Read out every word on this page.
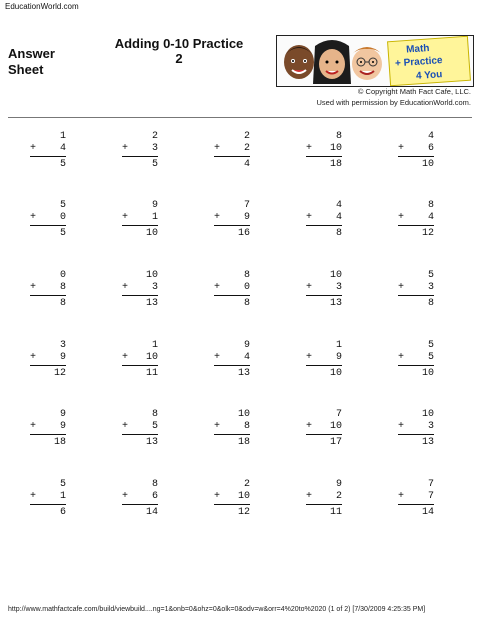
EducationWorld.com
Answer
Sheet
Adding 0-10 Practice
2
Math
+ Practice
4 You
© Copyright Math Fact Cafe, LLC.
Used with permission by EducationWorld.com.
1
+	4
5
2
+	3
5
2
+	2
4
8
+	10
18
4
+	6
10
5
+	0
5
9
+	1
10
7
+	9
16
4
+	4
8
8
+	4
12
0
+	8
8
10
+	3
13
8
+	0
8
10
+	3
13
5
+	3
8
3
+	9
12
1
+	10
11
9
+	4
13
1
+	9
10
5
+	5
10
9
+	9
18
8
+	5
13
10
+	8
18
7
+	10
17
10
+	3
13
5
+	1
6
8
+	6
14
2
+	10
12
9
+	2
11
7
+	7
14
http://www.mathfactcafe.com/build/viewbuild....ng=1&onb=0&ohz=0&olk=0&odv=w&orr=4%20to%2020 (1 of 2) [7/30/2009 4:25:35 PM]
